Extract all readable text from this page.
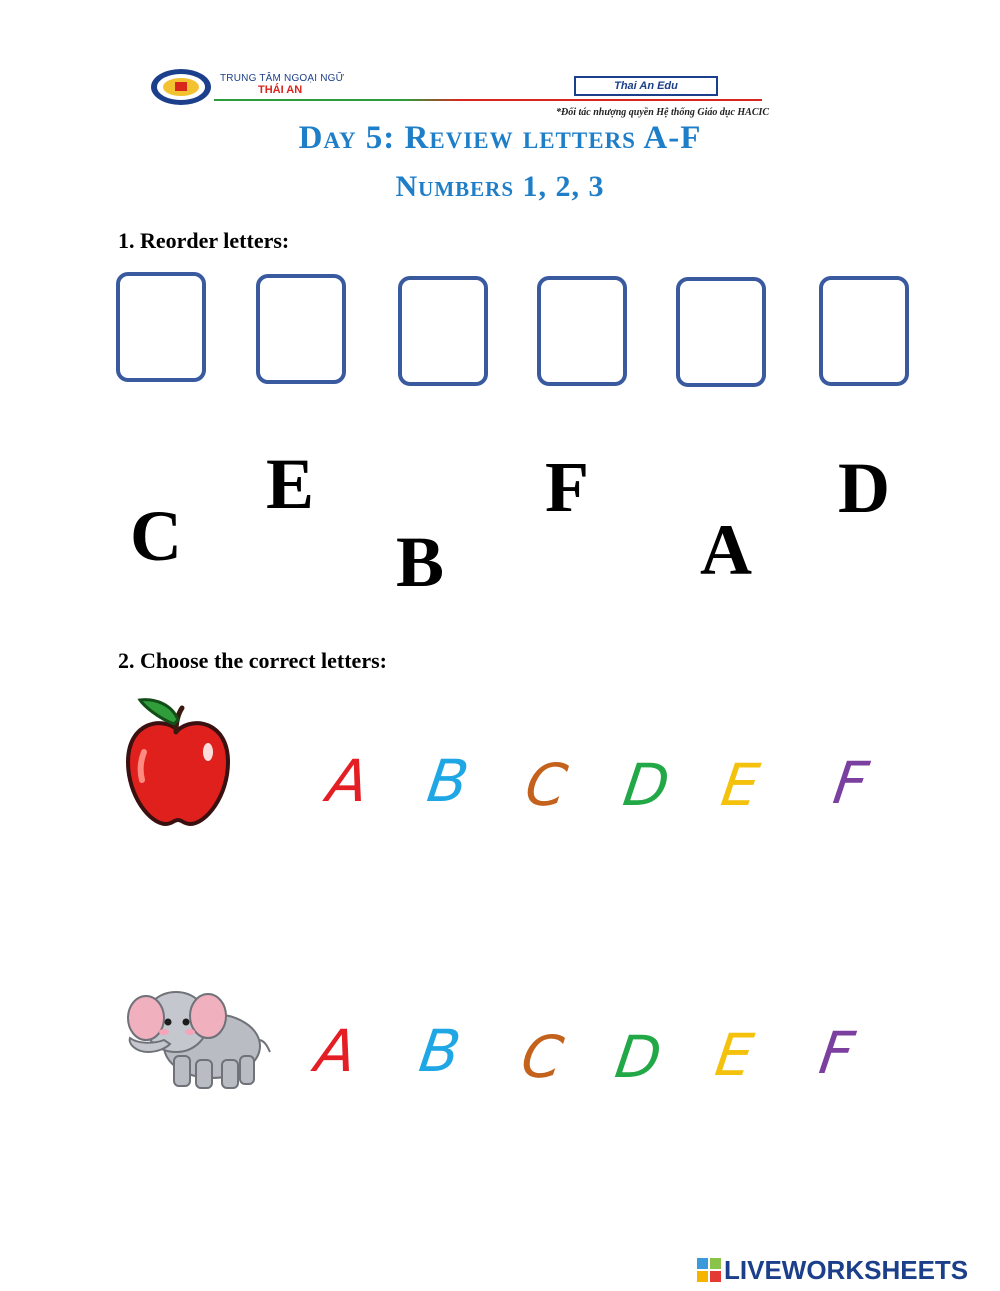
TRUNG TÂM NGOẠI NGỮ
THÁI AN	Thai An Edu
*Đối tác nhượng quyền Hệ thống Giáo dục HACIC
Day 5: Review letters A-F
Numbers 1, 2, 3
1. Reorder letters:
C
E
B
F
A
D
2. Choose the correct letters:
A B C D E F
A B C D E F
LIVEWORKSHEETS
